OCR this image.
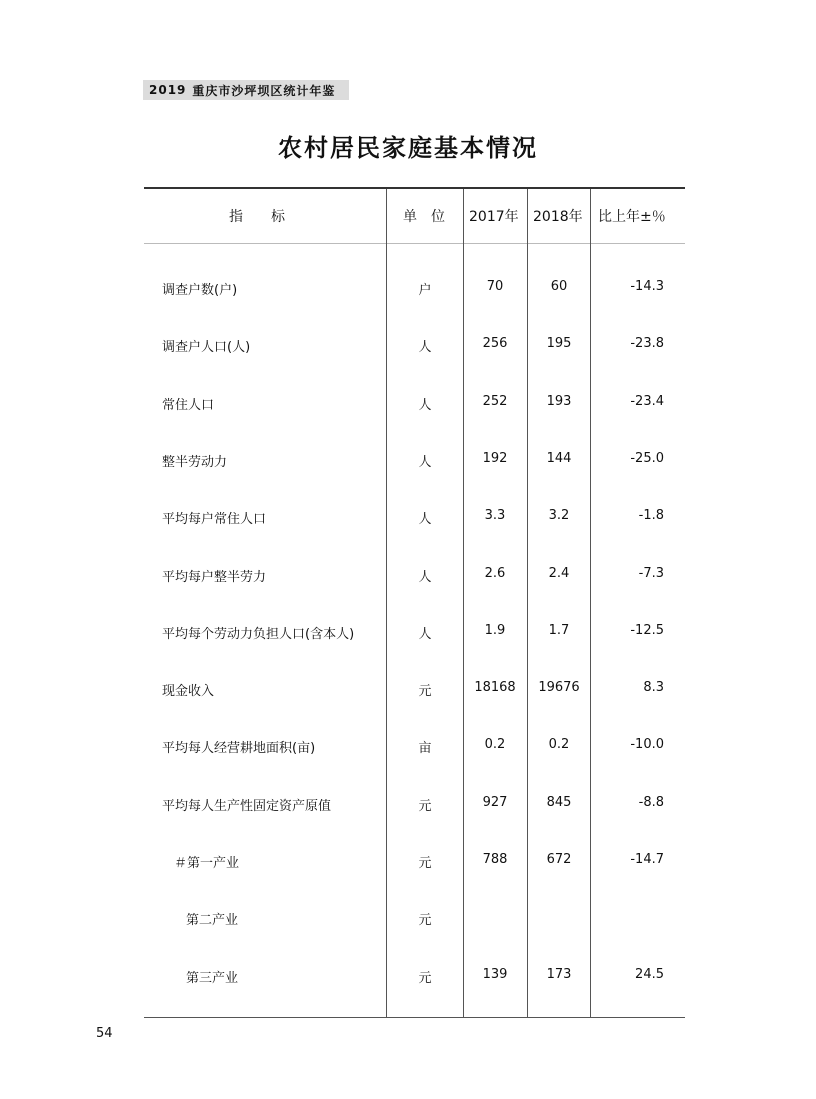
2019 重庆市沙坪坝区统计年鉴
农村居民家庭基本情况
指　　标	单　位 2017年 2018年 比上年±％
调查户数(户)	户	70	60	-14.3
调查户人口(人)	人	256	195	-23.8
常住人口	人	252	193	-23.4
整半劳动力	人	192	144	-25.0
平均每户常住人口	人	3.3	3.2	-1.8
平均每户整半劳力	人	2.6	2.4	-7.3
平均每个劳动力负担人口(含本人)	人	1.9	1.7	-12.5
现金收入	元	18168	19676	8.3
平均每人经营耕地面积(亩)	亩	0.2	0.2	-10.0
平均每人生产性固定资产原值	元	927	845	-8.8
＃第一产业	元	788	672	-14.7
第二产业	元
第三产业	元	139	173	24.5
54
